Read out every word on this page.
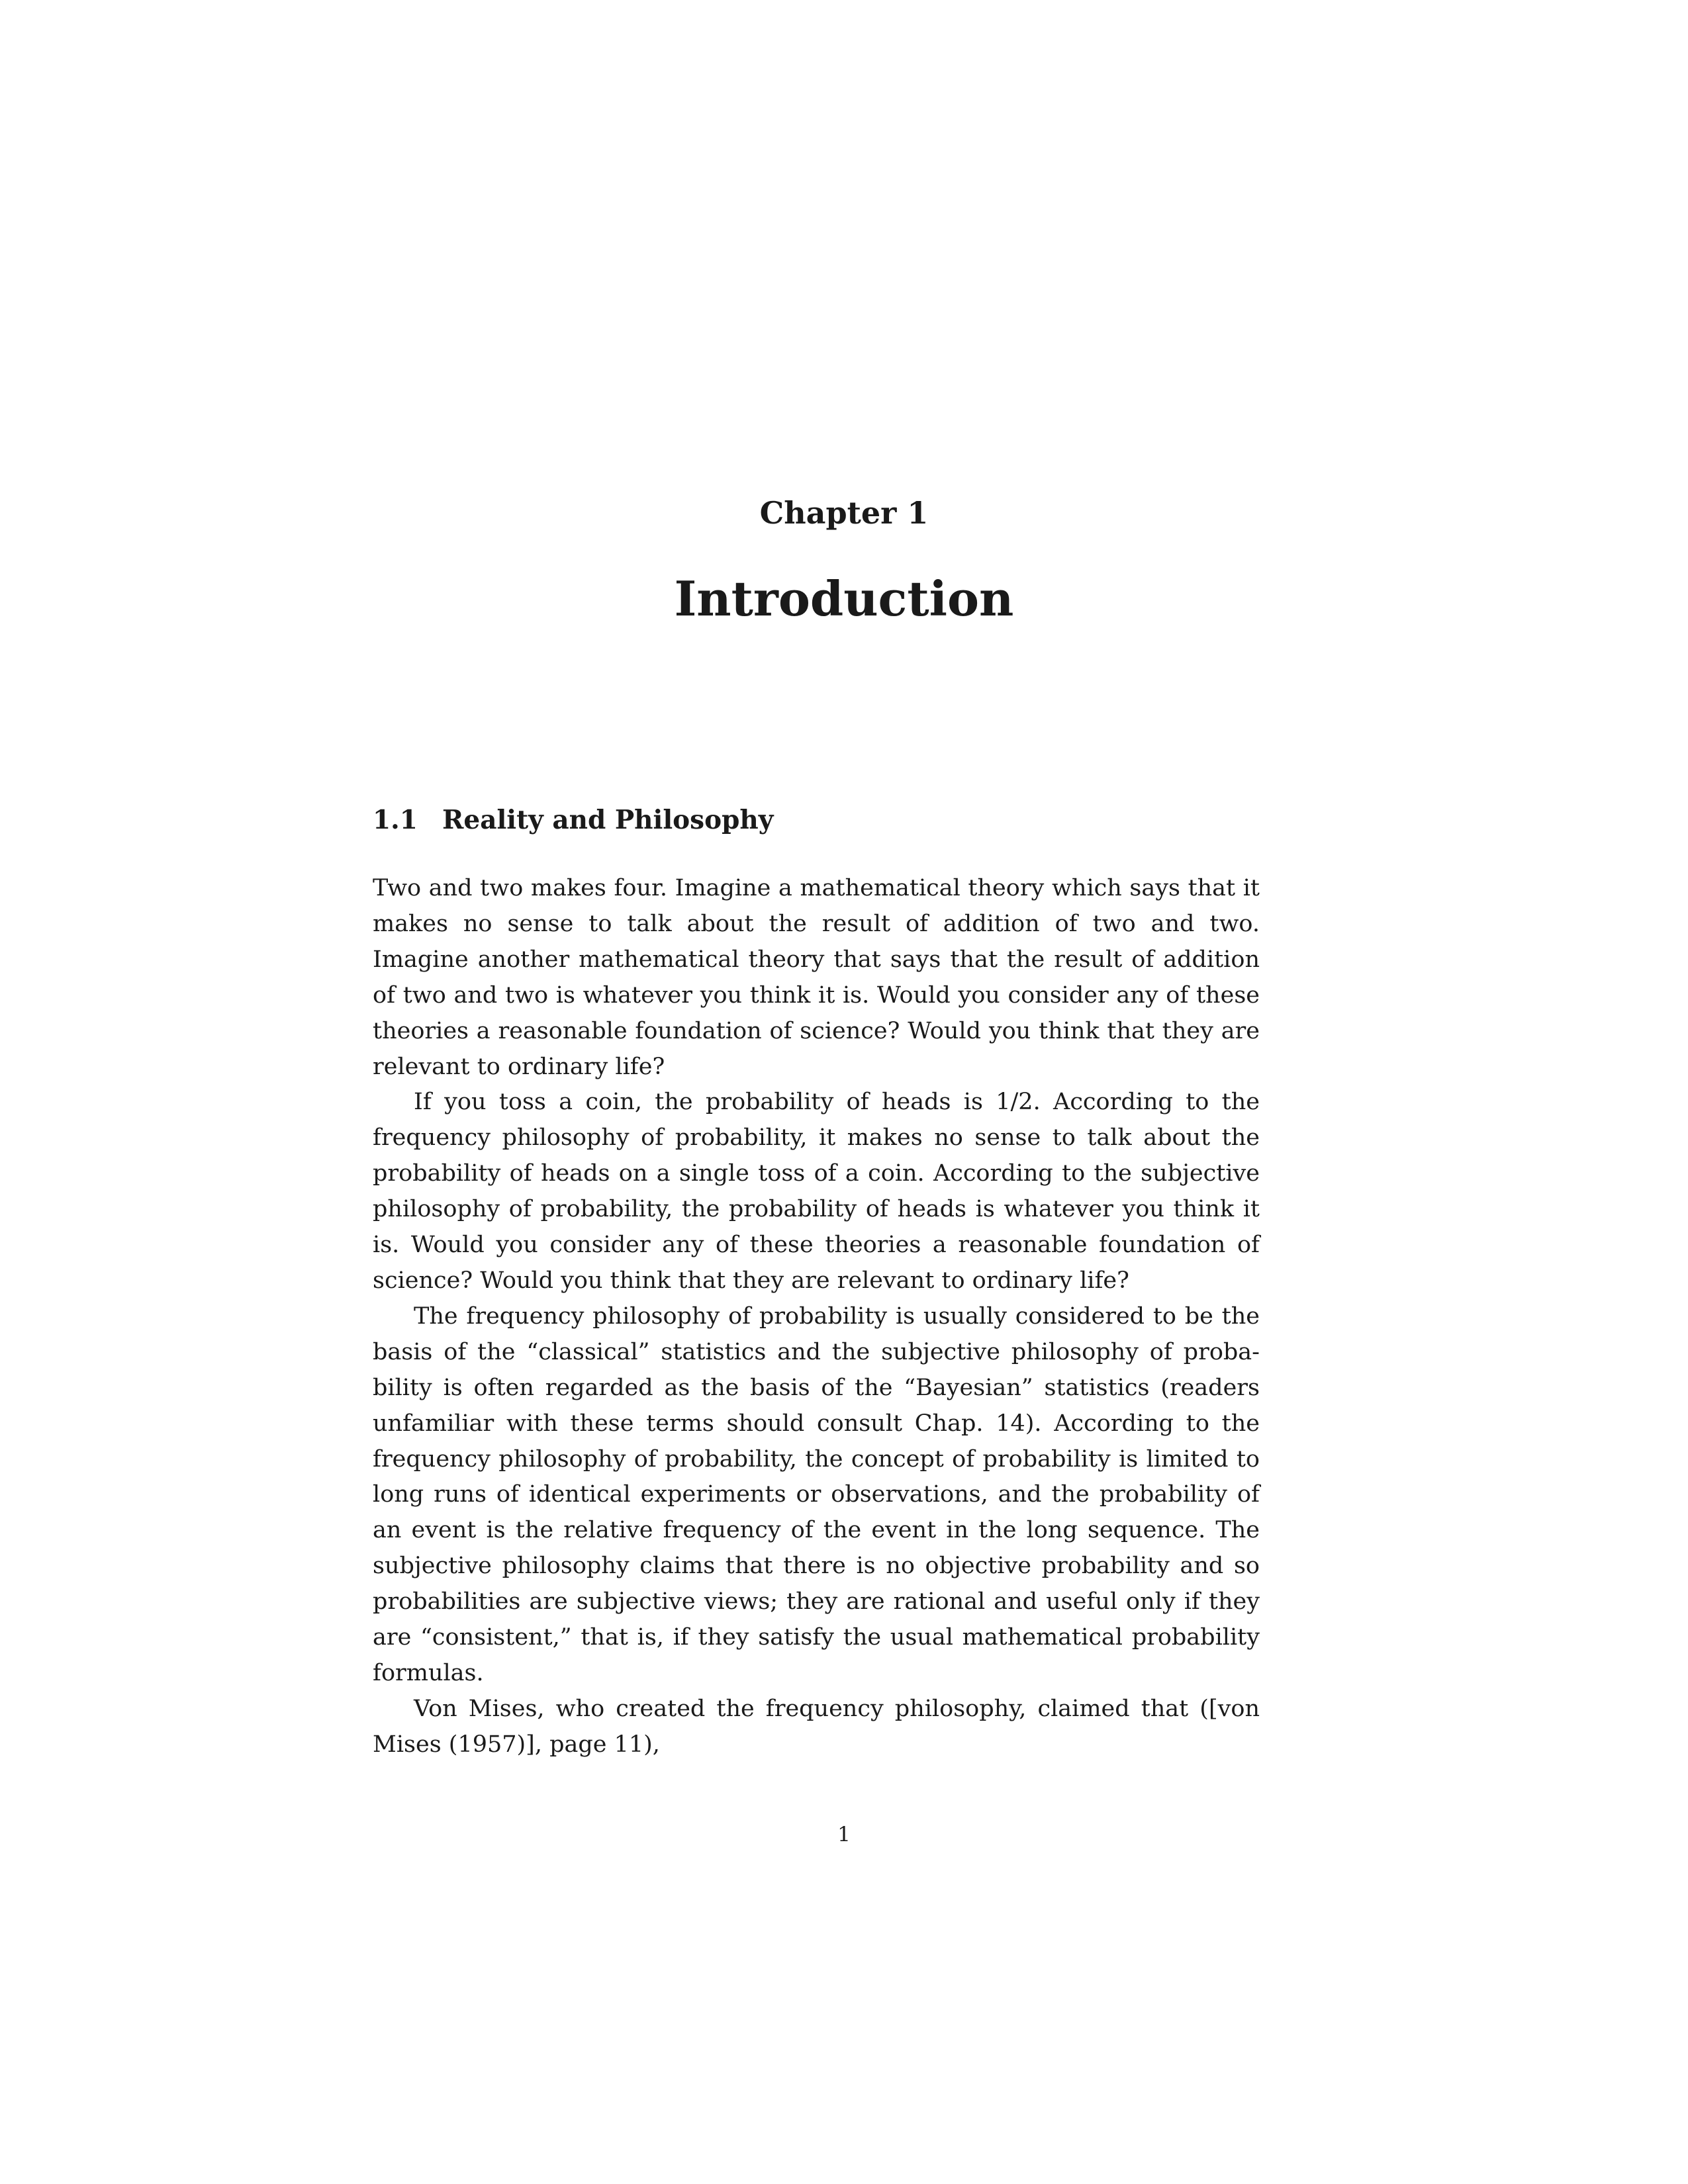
Chapter 1
Introduction
1.1 Reality and Philosophy

Two and two makes four. Imagine a mathematical theory which says that it makes no sense to talk about the result of addition of two and two. Imagine another mathematical theory that says that the result of addition of two and two is whatever you think it is. Would you consider any of these theories a reasonable foundation of science? Would you think that they are relevant to ordinary life?

If you toss a coin, the probability of heads is 1/2. According to the frequency philosophy of probability, it makes no sense to talk about the probability of heads on a single toss of a coin. According to the subjective philosophy of probability, the probability of heads is whatever you think it is. Would you consider any of these theories a reasonable foundation of science? Would you think that they are relevant to ordinary life?

The frequency philosophy of probability is usually considered to be the basis of the “classical” statistics and the subjective philosophy of probability is often regarded as the basis of the “Bayesian” statistics (readers unfamiliar with these terms should consult Chap. 14). According to the frequency philosophy of probability, the concept of probability is limited to long runs of identical experiments or observations, and the probability of an event is the relative frequency of the event in the long sequence. The subjective philosophy claims that there is no objective probability and so probabilities are subjective views; they are rational and useful only if they are “consistent,” that is, if they satisfy the usual mathematical probability formulas.

Von Mises, who created the frequency philosophy, claimed that ([von Mises (1957)], page 11),

1
